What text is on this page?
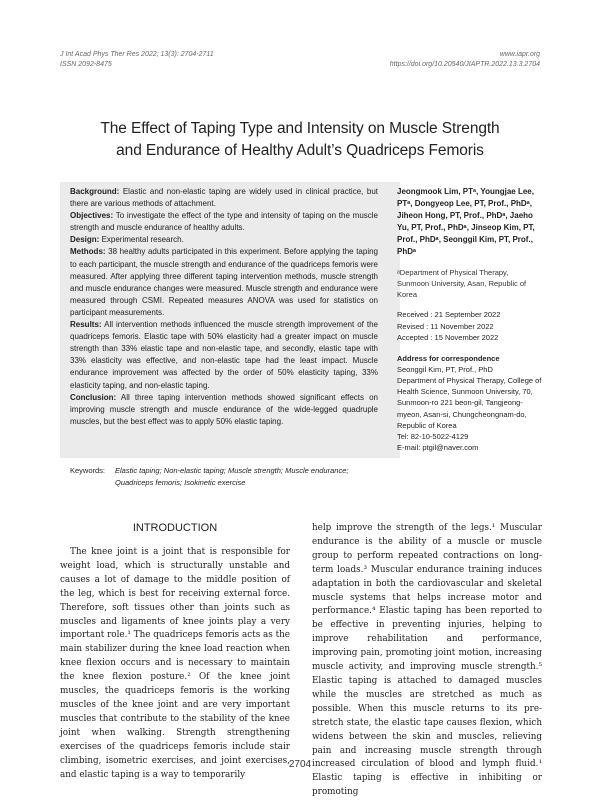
J Int Acad Phys Ther Res 2022; 13(3): 2704-2711
ISSN 2092-8475
www.iapr.org
https://doi.org/10.20540/JIAPTR.2022.13.3.2704
The Effect of Taping Type and Intensity on Muscle Strength
and Endurance of Healthy Adult’s Quadriceps Femoris

Background: Elastic and non-elastic taping are widely used in clinical practice, but there are various methods of attachment.

Objectives: To investigate the effect of the type and intensity of taping on the muscle strength and muscle endurance of healthy adults.

Design: Experimental research.

Methods: 38 healthy adults participated in this experiment. Before applying the taping to each participant, the muscle strength and endurance of the quadriceps femoris were measured. After applying three different taping intervention methods, muscle strength and muscle endurance changes were measured. Muscle strength and endurance were measured through CSMI. Repeated measures ANOVA was used for statistics on participant measurements.

Results: All intervention methods influenced the muscle strength improvement of the quadriceps femoris. Elastic tape with 50% elasticity had a greater impact on muscle strength than 33% elastic tape and non-elastic tape, and secondly, elastic tape with 33% elasticity was effective, and non-elastic tape had the least impact. Muscle endurance improvement was affected by the order of 50% elasticity taping, 33% elasticity taping, and non-elastic taping.

Conclusion: All three taping intervention methods showed significant effects on improving muscle strength and muscle endurance of the wide-legged quadruple muscles, but the best effect was to apply 50% elastic taping.

Keywords: Elastic taping; Non-elastic taping; Muscle strength; Muscle endurance;
Quadriceps femoris; Isokinetic exercise

Jeongmook Lim, PTᵃ, Youngjae Lee, PTᵃ, Dongyeop Lee, PT, Prof., PhDᵃ, Jiheon Hong, PT, Prof., PhDᵃ, Jaeho Yu, PT, Prof., PhDᵃ, Jinseop Kim, PT, Prof., PhDᵃ, Seonggil Kim, PT, Prof., PhDᵃ

ᵃDepartment of Physical Therapy, Sunmoon University, Asan, Republic of Korea
Received : 21 September 2022
Revised : 11 November 2022
Accepted : 15 November 2022
Address for correspondence
Seonggil Kim, PT, Prof., PhD
Department of Physical Therapy, College of Health Science, Sunmoon University, 70, Sunmoon-ro 221 beon-gil, Tangjeong-myeon, Asan-si, Chungcheongnam-do, Republic of Korea
Tel: 82-10-5022-4129
E-mail: ptgil@naver.com
INTRODUCTION

The knee joint is a joint that is responsible for weight load, which is structurally unstable and causes a lot of damage to the middle position of the leg, which is best for receiving external force. Therefore, soft tissues other than joints such as muscles and ligaments of knee joints play a very important role.¹ The quadriceps femoris acts as the main stabilizer during the knee load reaction when knee flexion occurs and is necessary to maintain the knee flexion posture.² Of the knee joint muscles, the quadriceps femoris is the working muscles of the knee joint and are very important muscles that contribute to the stability of the knee joint when walking. Strength strengthening exercises of the quadriceps femoris include stair climbing, isometric exercises, and joint exercises, and elastic taping is a way to temporarily

help improve the strength of the legs.¹ Muscular endurance is the ability of a muscle or muscle group to perform repeated contractions on long-term loads.³ Muscular endurance training induces adaptation in both the cardiovascular and skeletal muscle systems that helps increase motor and performance.⁴ Elastic taping has been reported to be effective in preventing injuries, helping to improve rehabilitation and performance, improving pain, promoting joint motion, increasing muscle activity, and improving muscle strength.⁵ Elastic taping is attached to damaged muscles while the muscles are stretched as much as possible. When this muscle returns to its pre-stretch state, the elastic tape causes flexion, which widens between the skin and muscles, relieving pain and increasing muscle strength through increased circulation of blood and lymph fluid.¹ Elastic taping is effective in inhibiting or promoting

2704
